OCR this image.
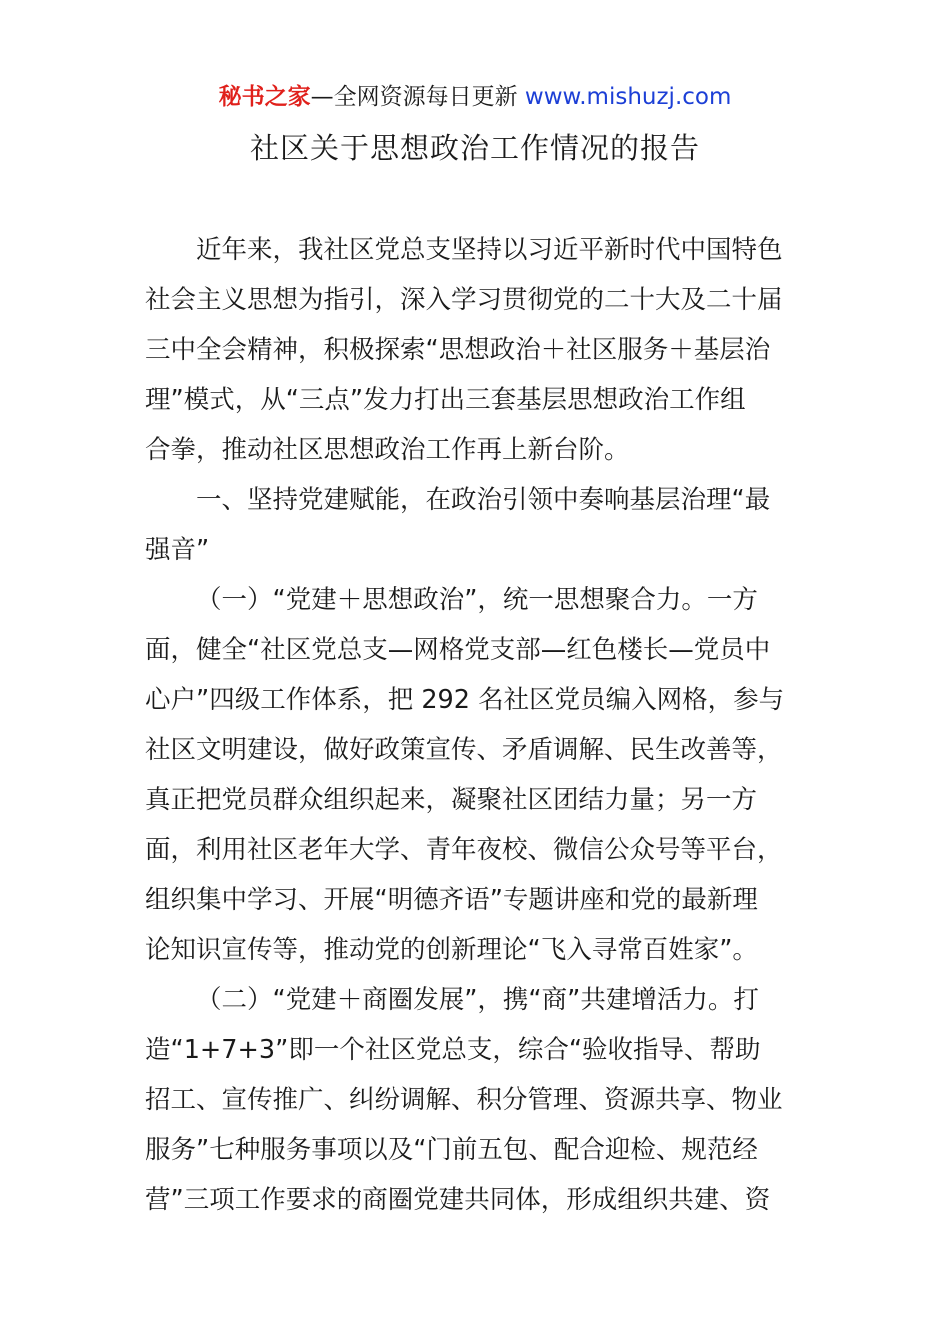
秘书之家—全网资源每日更新 www.mishuzj.com
社区关于思想政治工作情况的报告

近年来，我社区党总支坚持以习近平新时代中国特色
社会主义思想为指引，深入学习贯彻党的二十大及二十届
三中全会精神，积极探索“思想政治＋社区服务＋基层治
理”模式，从“三点”发力打出三套基层思想政治工作组
合拳，推动社区思想政治工作再上新台阶。

一、坚持党建赋能，在政治引领中奏响基层治理“最
强音”

（一）“党建＋思想政治”，统一思想聚合力。一方
面，健全“社区党总支—网格党支部—红色楼长—党员中
心户”四级工作体系，把 292 名社区党员编入网格，参与
社区文明建设，做好政策宣传、矛盾调解、民生改善等，
真正把党员群众组织起来，凝聚社区团结力量；另一方
面，利用社区老年大学、青年夜校、微信公众号等平台，
组织集中学习、开展“明德齐语”专题讲座和党的最新理
论知识宣传等，推动党的创新理论“飞入寻常百姓家”。

（二）“党建＋商圈发展”，携“商”共建增活力。打
造“1+7+3”即一个社区党总支，综合“验收指导、帮助
招工、宣传推广、纠纷调解、积分管理、资源共享、物业
服务”七种服务事项以及“门前五包、配合迎检、规范经
营”三项工作要求的商圈党建共同体，形成组织共建、资
